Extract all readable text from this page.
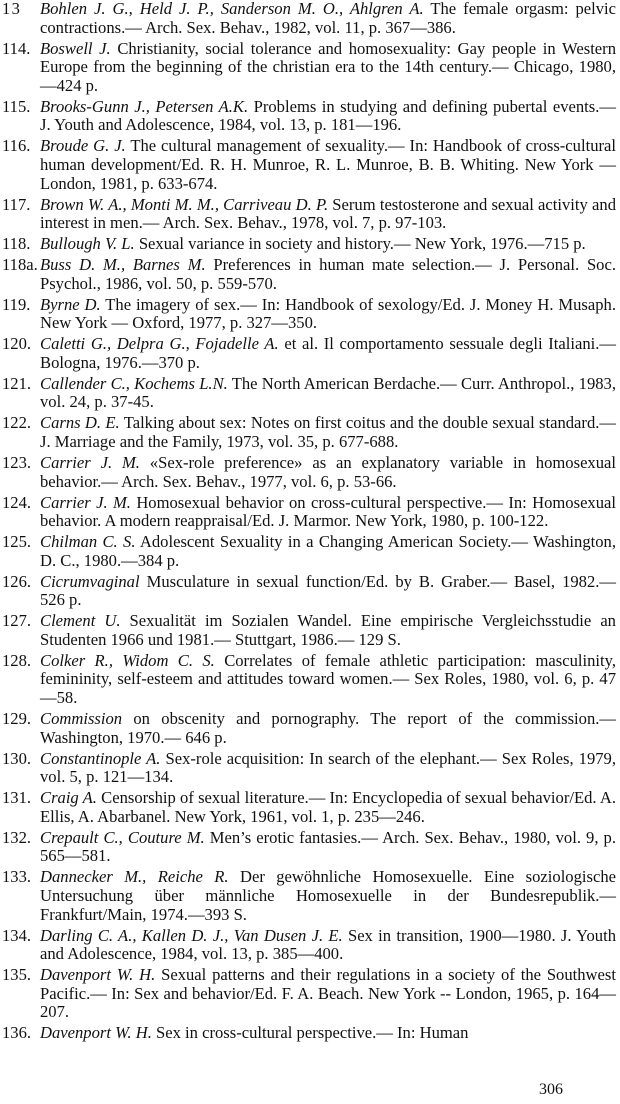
1 3	Bohlen J. G., Held J. P., Sanderson M. O., Ahlgren A. The female orgasm: pelvic contractions.— Arch. Sex. Behav., 1982, vol. 11, p. 367—386.
114. Boswell J. Christianity, social tolerance and homosexuality: Gay people in Western Europe from the beginning of the christian era to the 14th century.— Chicago, 1980,—424 p.
115. Brooks-Gunn J., Petersen A.K. Problems in studying and defining pubertal events.— J. Youth and Adolescence, 1984, vol. 13, p. 181—196.
116. Broude G. J. The cultural management of sexuality.— In: Handbook of cross-cultural human development/Ed. R. H. Munroe, R. L. Munroe, B. B. Whiting. New York — London, 1981, p. 633-674.
117. Brown W. A., Monti M. M., Carriveau D. P. Serum testosterone and sexual activity and interest in men.— Arch. Sex. Behav., 1978, vol. 7, p. 97-103.
118. Bullough V. L. Sexual variance in society and history.— New York, 1976.—715 p.
118a. Buss D. M., Barnes M. Preferences in human mate selection.— J. Personal. Soc. Psychol., 1986, vol. 50, p. 559-570.
119. Byrne D. The imagery of sex.— In: Handbook of sexology/Ed. J. Money H. Musaph. New York — Oxford, 1977, p. 327—350.
120. Caletti G., Delpra G., Fojadelle A. et al. Il comportamento sessuale degli Italiani.— Bologna, 1976.—370 p.
121. Callender C., Kochems L.N. The North American Berdache.— Curr. Anthropol., 1983, vol. 24, p. 37-45.
122. Carns D. E. Talking about sex: Notes on first coitus and the double sexual standard.— J. Marriage and the Family, 1973, vol. 35, p. 677-688.
123. Carrier J. M. «Sex-role preference» as an explanatory variable in homosexual behavior.— Arch. Sex. Behav., 1977, vol. 6, p. 53-66.
124. Carrier J. M. Homosexual behavior on cross-cultural perspective.— In: Homosexual behavior. A modern reappraisal/Ed. J. Marmor. New York, 1980, p. 100-122.
125. Chilman C. S. Adolescent Sexuality in a Changing American Society.— Washington, D. C., 1980.—384 p.
126. Cicrumvaginal Musculature in sexual function/Ed. by B. Graber.— Basel, 1982.— 526 p.
127. Clement U. Sexualität im Sozialen Wandel. Eine empirische Vergleichsstudie an Studenten 1966 und 1981.— Stuttgart, 1986.— 129 S.
128. Colker R., Widom C. S. Correlates of female athletic participation: masculinity, femininity, self-esteem and attitudes toward women.— Sex Roles, 1980, vol. 6, p. 47—58.
129. Commission on obscenity and pornography. The report of the commission.— Washington, 1970.— 646 p.
130. Constantinople A. Sex-role acquisition: In search of the elephant.— Sex Roles, 1979, vol. 5, p. 121—134.
131. Craig A. Censorship of sexual literature.— In: Encyclopedia of sexual behavior/Ed. A. Ellis, A. Abarbanel. New York, 1961, vol. 1, p. 235—246.
132. Crepault C., Couture M. Men’s erotic fantasies.— Arch. Sex. Behav., 1980, vol. 9, p. 565—581.
133. Dannecker M., Reiche R. Der gewöhnliche Homosexuelle. Eine soziologische Untersuchung über männliche Homosexuelle in der Bundesrepublik.— Frankfurt/Main, 1974.—393 S.
134. Darling C. A., Kallen D. J., Van Dusen J. E. Sex in transition, 1900—1980. J. Youth and Adolescence, 1984, vol. 13, p. 385—400.
135. Davenport W. H. Sexual patterns and their regulations in a society of the Southwest Pacific.— In: Sex and behavior/Ed. F. A. Beach. New York -- London, 1965, p. 164—207.
136. Davenport W. H. Sex in cross-cultural perspective.— In: Human
306
